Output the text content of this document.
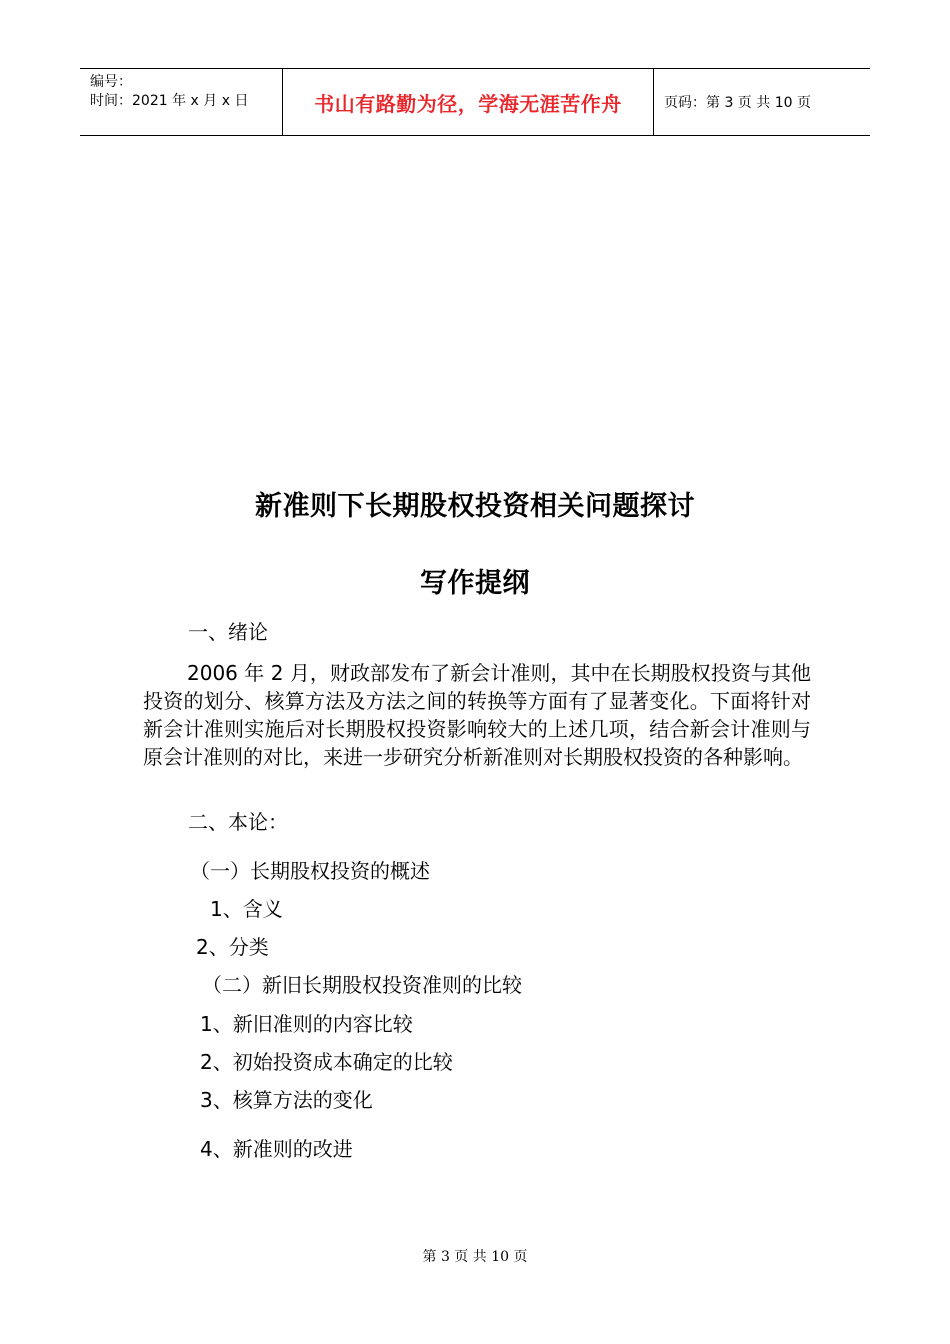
编号：
时间：2021 年 x 月 x 日	书山有路勤为径，学海无涯苦作舟	页码：第 3 页 共 10 页
新准则下长期股权投资相关问题探讨
写作提纲
一、绪论

2006 年 2 月，财政部发布了新会计准则，其中在长期股权投资与其他投资的划分、核算方法及方法之间的转换等方面有了显著变化。下面将针对新会计准则实施后对长期股权投资影响较大的上述几项，结合新会计准则与原会计准则的对比，来进一步研究分析新准则对长期股权投资的各种影响。

二、本论：
（一）长期股权投资的概述
1、含义
2、分类
（二）新旧长期股权投资准则的比较
1、新旧准则的内容比较
2、初始投资成本确定的比较
3、核算方法的变化
4、新准则的改进
第 3 页 共 10 页
